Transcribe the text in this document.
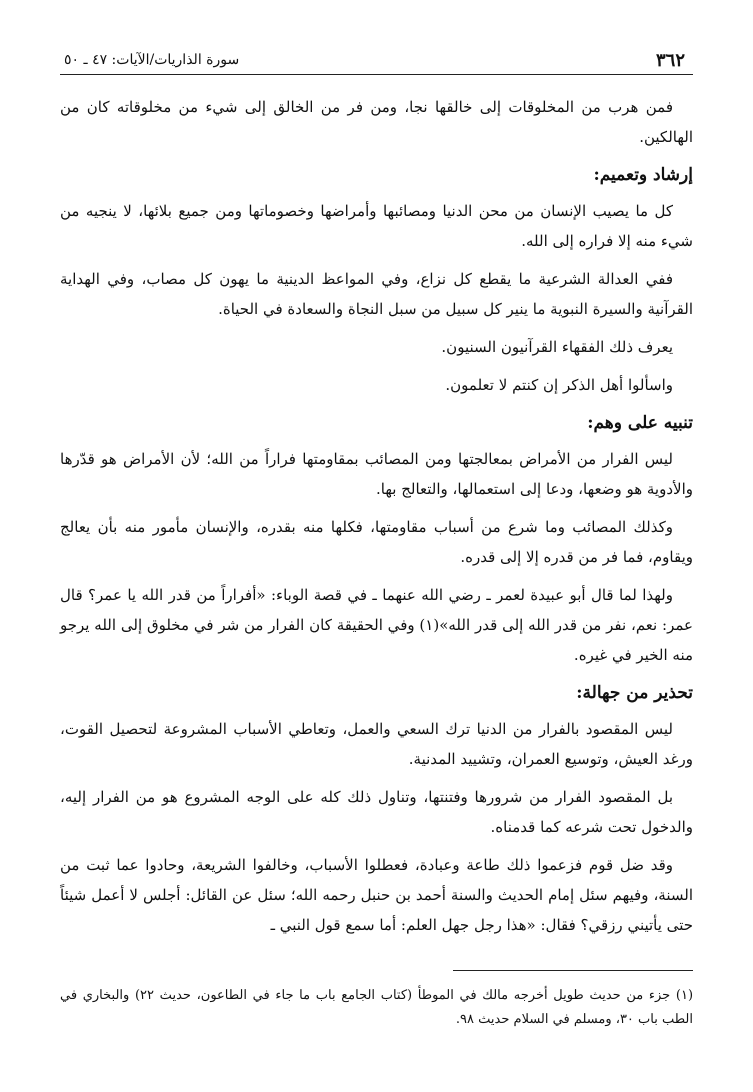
٣٦٢
سورة الذاريات/الآيات: ٤٧ ـ ٥٠

فمن هرب من المخلوقات إلى خالقها نجا، ومن فر من الخالق إلى شيء من مخلوقاته كان من الهالكين.

إرشاد وتعميم:

كل ما يصيب الإنسان من محن الدنيا ومصائبها وأمراضها وخصوماتها ومن جميع بلائها، لا ينجيه من شيء منه إلا فراره إلى الله.

ففي العدالة الشرعية ما يقطع كل نزاع، وفي المواعظ الدينية ما يهون كل مصاب، وفي الهداية القرآنية والسيرة النبوية ما ينير كل سبيل من سبل النجاة والسعادة في الحياة.

يعرف ذلك الفقهاء القرآنيون السنيون.

واسألوا أهل الذكر إن كنتم لا تعلمون.

تنبيه على وهم:

ليس الفرار من الأمراض بمعالجتها ومن المصائب بمقاومتها فراراً من الله؛ لأن الأمراض هو قدّرها والأدوية هو وضعها، ودعا إلى استعمالها، والتعالج بها.

وكذلك المصائب وما شرع من أسباب مقاومتها، فكلها منه بقدره، والإنسان مأمور منه بأن يعالج ويقاوم، فما فر من قدره إلا إلى قدره.

ولهذا لما قال أبو عبيدة لعمر ـ رضي الله عنهما ـ في قصة الوباء: «أفراراً من قدر الله يا عمر؟ قال عمر: نعم، نفر من قدر الله إلى قدر الله»(١) وفي الحقيقة كان الفرار من شر في مخلوق إلى الله يرجو منه الخير في غيره.

تحذير من جهالة:

ليس المقصود بالفرار من الدنيا ترك السعي والعمل، وتعاطي الأسباب المشروعة لتحصيل القوت، ورغد العيش، وتوسيع العمران، وتشييد المدنية.

بل المقصود الفرار من شرورها وفتنتها، وتناول ذلك كله على الوجه المشروع هو من الفرار إليه، والدخول تحت شرعه كما قدمناه.

وقد ضل قوم فزعموا ذلك طاعة وعبادة، فعطلوا الأسباب، وخالفوا الشريعة، وحادوا عما ثبت من السنة، وفيهم سئل إمام الحديث والسنة أحمد بن حنبل رحمه الله؛ سئل عن القائل: أجلس لا أعمل شيئاً حتى يأتيني رزقي؟ فقال: «هذا رجل جهل العلم: أما سمع قول النبي ـ

(١) جزء من حديث طويل أخرجه مالك في الموطأ (كتاب الجامع باب ما جاء في الطاعون، حديث ٢٢) والبخاري في الطب باب ٣٠، ومسلم في السلام حديث ٩٨.
